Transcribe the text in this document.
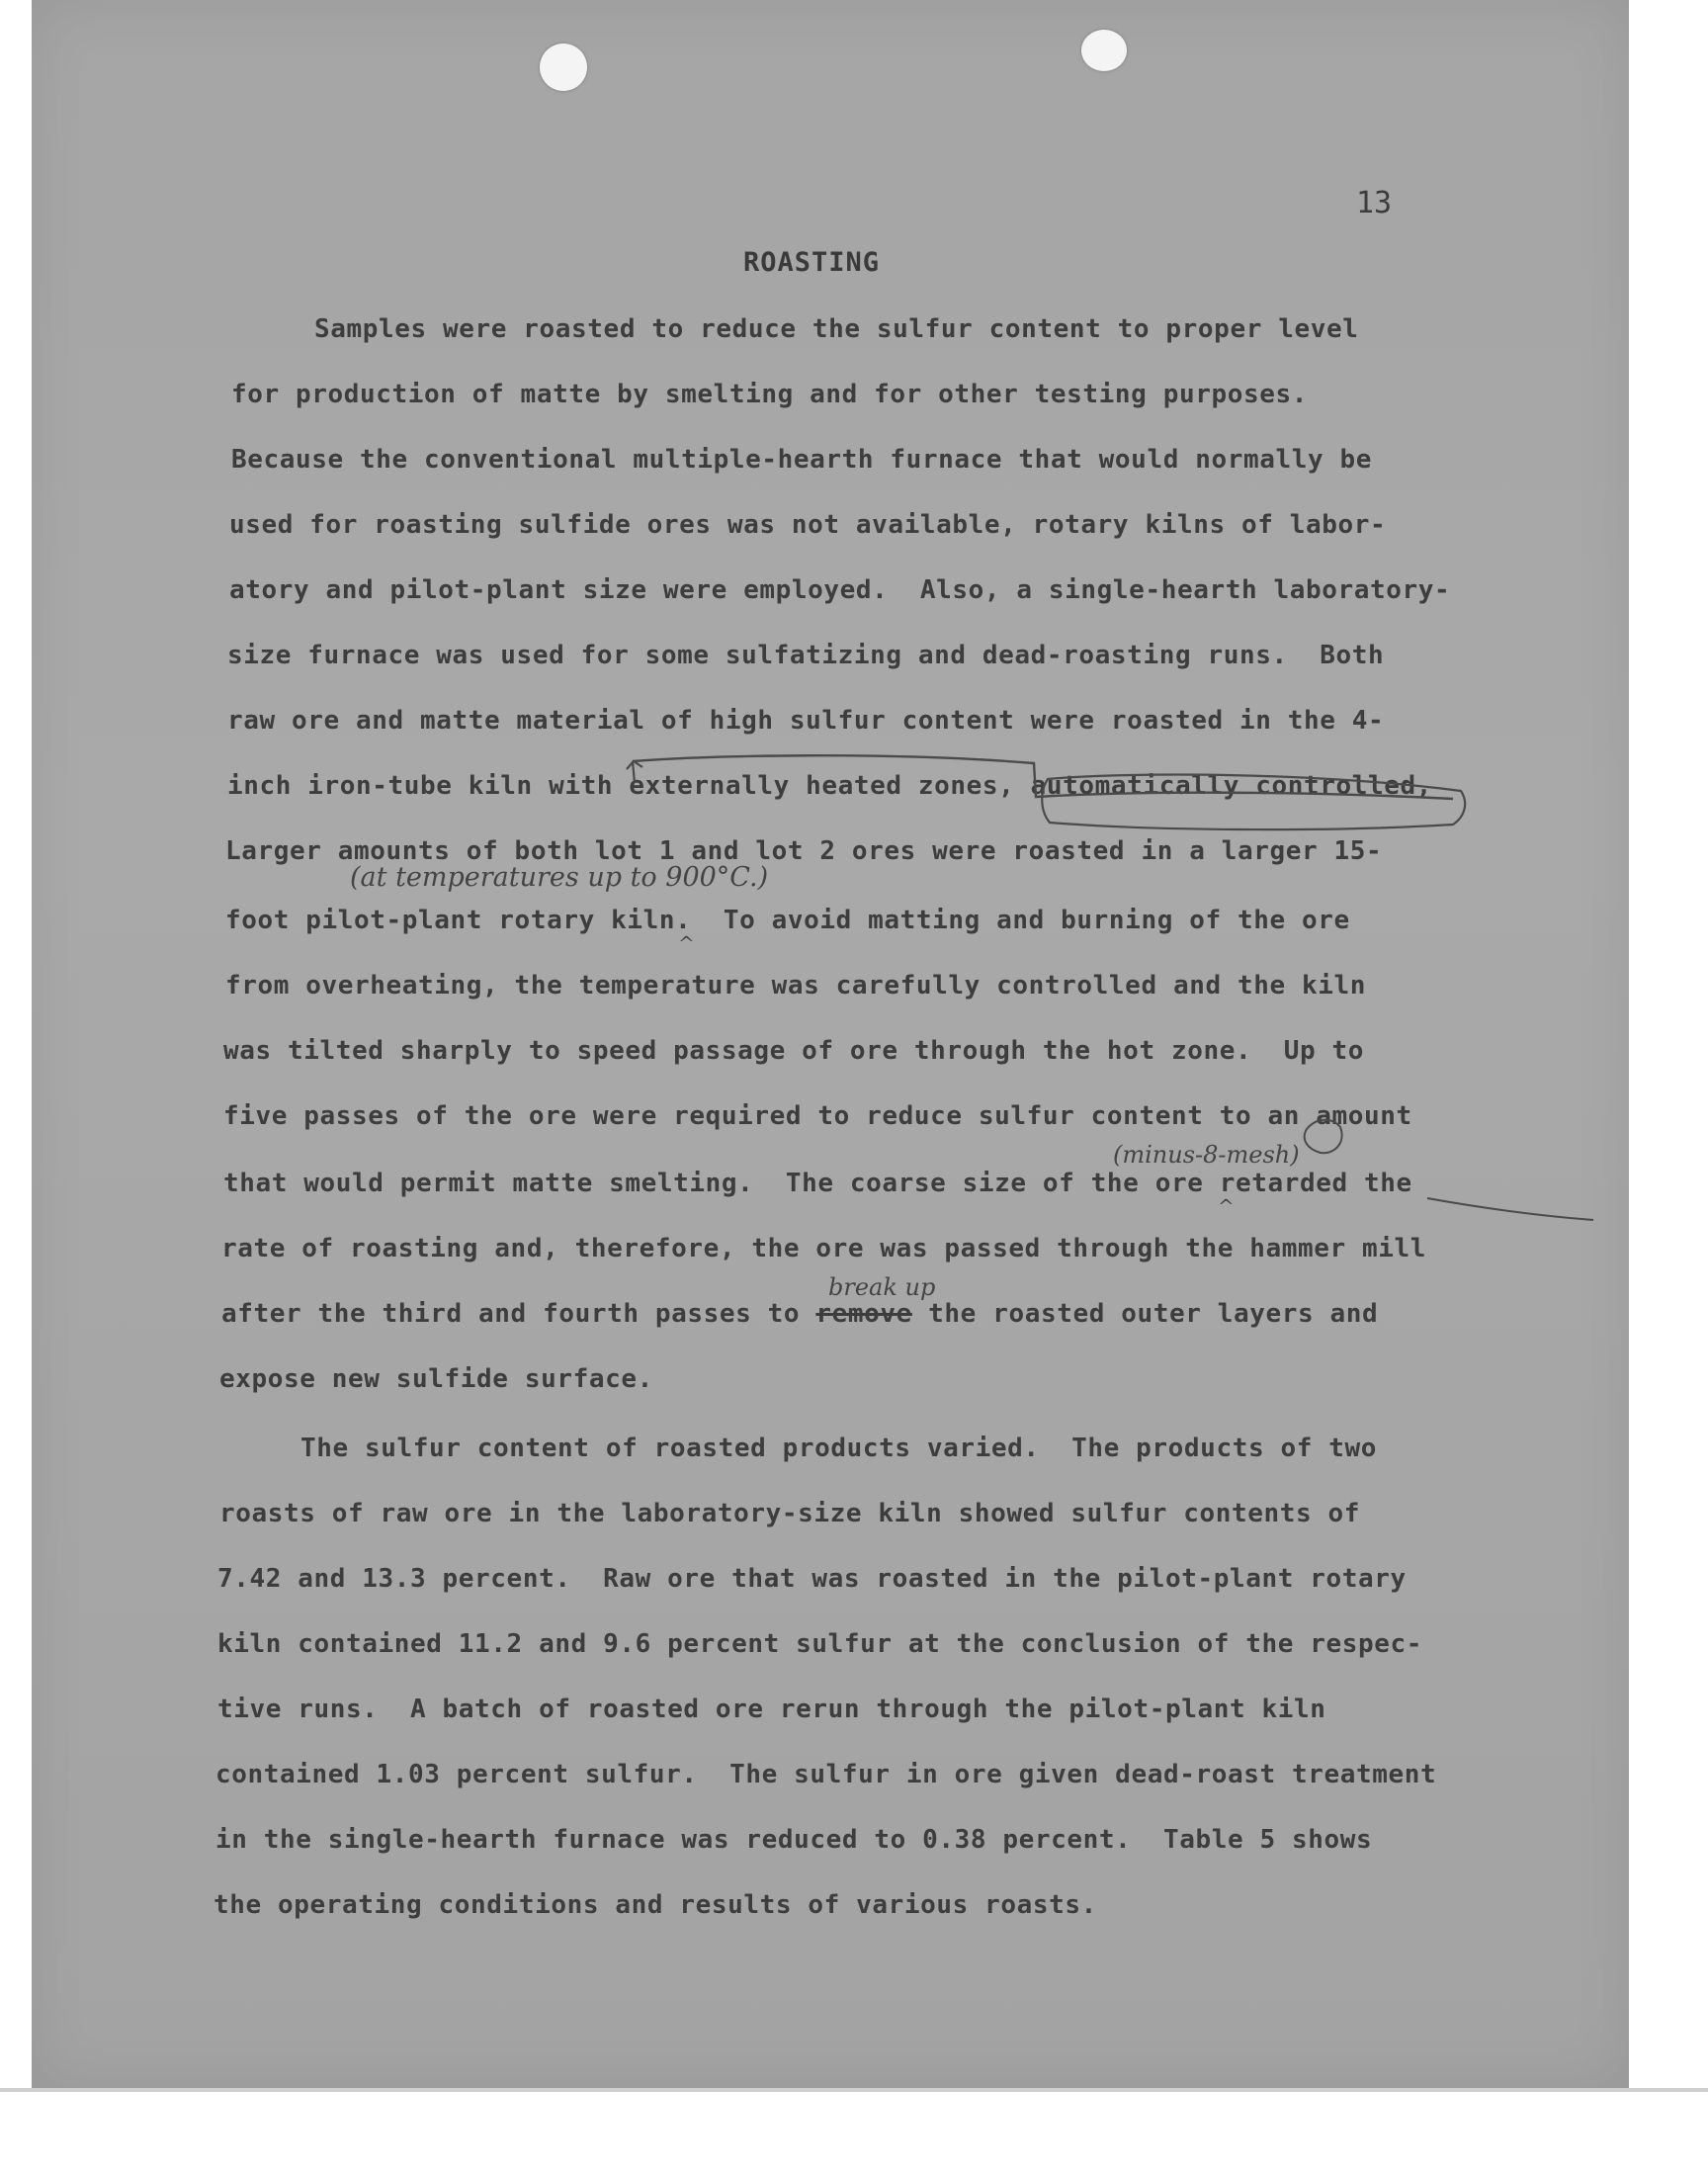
13
ROASTING
Samples were roasted to reduce the sulfur content to proper level
for production of matte by smelting and for other testing purposes.
Because the conventional multiple-hearth furnace that would normally be
used for roasting sulfide ores was not available, rotary kilns of labor-
atory and pilot-plant size were employed.  Also, a single-hearth laboratory-
size furnace was used for some sulfatizing and dead-roasting runs.  Both
raw ore and matte material of high sulfur content were roasted in the 4-
inch iron-tube kiln with externally heated zones, automatically controlled,
Larger amounts of both lot 1 and lot 2 ores were roasted in a larger 15-
foot pilot-plant rotary kiln.  To avoid matting and burning of the ore
from overheating, the temperature was carefully controlled and the kiln
was tilted sharply to speed passage of ore through the hot zone.  Up to
five passes of the ore were required to reduce sulfur content to an amount
that would permit matte smelting.  The coarse size of the ore retarded the
rate of roasting and, therefore, the ore was passed through the hammer mill
after the third and fourth passes to remove the roasted outer layers and
expose new sulfide surface.
The sulfur content of roasted products varied.  The products of two
roasts of raw ore in the laboratory-size kiln showed sulfur contents of
7.42 and 13.3 percent.  Raw ore that was roasted in the pilot-plant rotary
kiln contained 11.2 and 9.6 percent sulfur at the conclusion of the respec-
tive runs.  A batch of roasted ore rerun through the pilot-plant kiln
contained 1.03 percent sulfur.  The sulfur in ore given dead-roast treatment
in the single-hearth furnace was reduced to 0.38 percent.  Table 5 shows
the operating conditions and results of various roasts.
(at temperatures up to 900°C.)
(minus-8-mesh)
break up
^
^
